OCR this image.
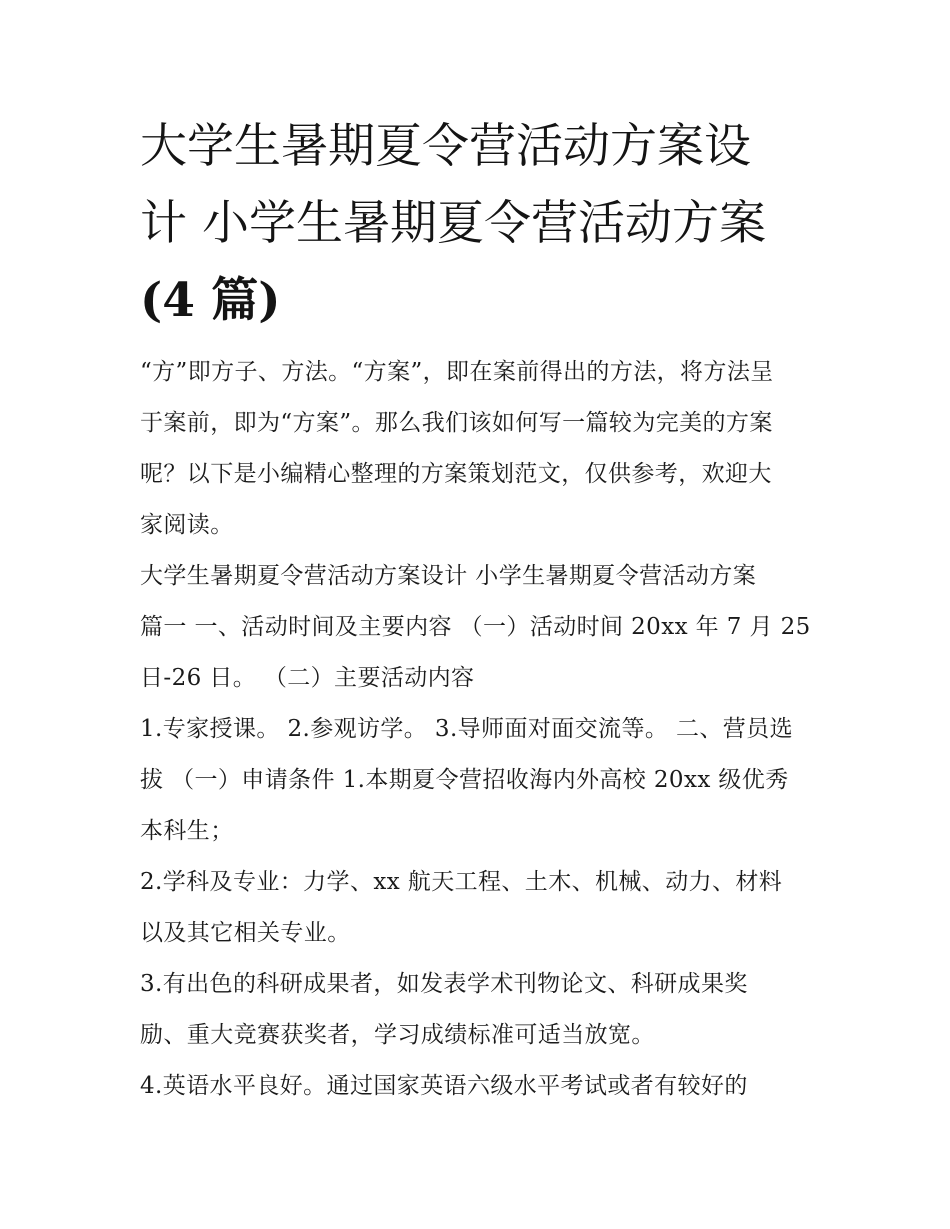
大学生暑期夏令营活动方案设
计 小学生暑期夏令营活动方案
(4 篇)

“方”即方子、方法。“方案”，即在案前得出的方法，将方法呈
于案前，即为“方案”。那么我们该如何写一篇较为完美的方案
呢？以下是小编精心整理的方案策划范文，仅供参考，欢迎大
家阅读。

大学生暑期夏令营活动方案设计 小学生暑期夏令营活动方案
篇一 一、活动时间及主要内容 （一）活动时间 20xx 年 7 月 25
日-26 日。 （二）主要活动内容

1.专家授课。 2.参观访学。 3.导师面对面交流等。 二、营员选
拔 （一）申请条件 1.本期夏令营招收海内外高校 20xx 级优秀
本科生；

2.学科及专业：力学、xx 航天工程、土木、机械、动力、材料
以及其它相关专业。

3.有出色的科研成果者，如发表学术刊物论文、科研成果奖
励、重大竞赛获奖者，学习成绩标准可适当放宽。

4.英语水平良好。通过国家英语六级水平考试或者有较好的
